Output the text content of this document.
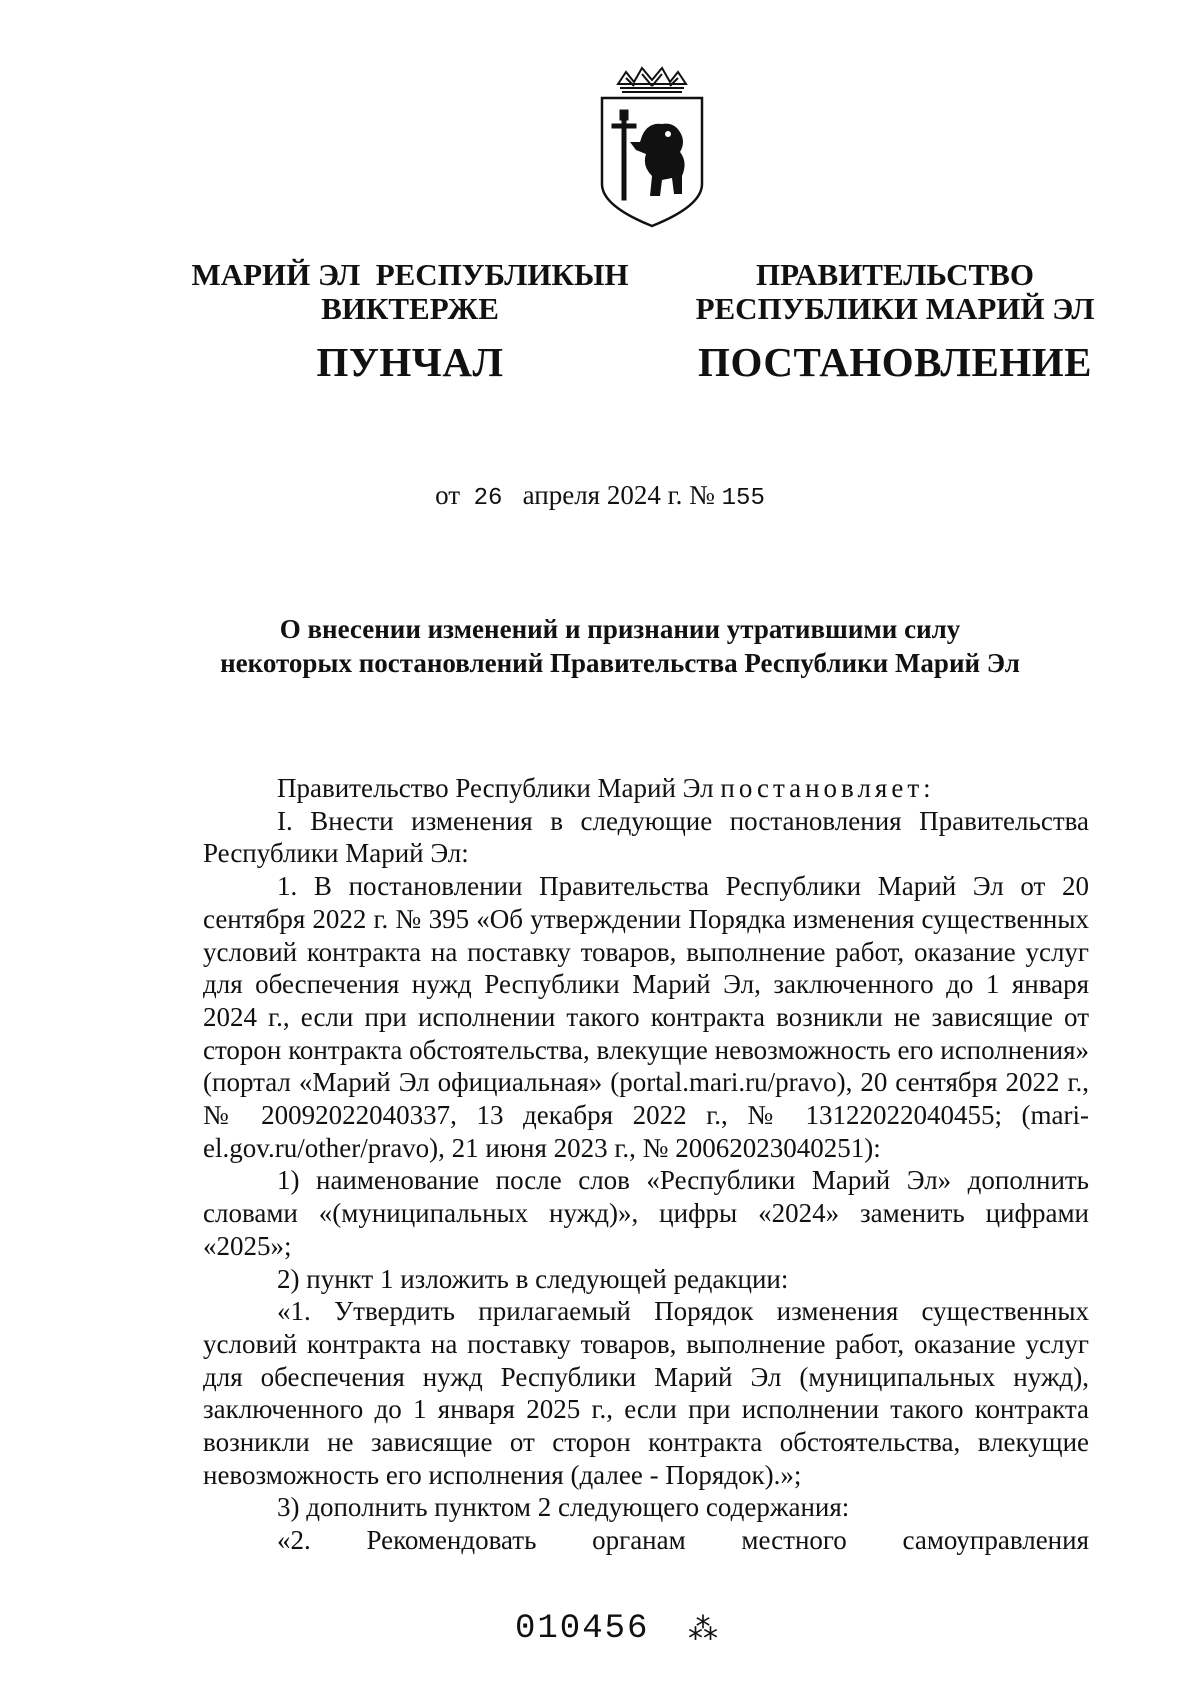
МАРИЙ ЭЛ  РЕСПУБЛИКЫН
ВИКТЕРЖЕ
ПУНЧАЛ
ПРАВИТЕЛЬСТВО
РЕСПУБЛИКИ МАРИЙ ЭЛ
ПОСТАНОВЛЕНИЕ
от 26 апреля 2024 г. № 155
О внесении изменений и признании утратившими силу
некоторых постановлений Правительства Республики Марий Эл

Правительство Республики Марий Эл постановляет:

I. Внести изменения в следующие постановления Правительства Республики Марий Эл:

1. В постановлении Правительства Республики Марий Эл от 20 сентября 2022 г. № 395 «Об утверждении Порядка изменения существенных условий контракта на поставку товаров, выполнение работ, оказание услуг для обеспечения нужд Республики Марий Эл, заключенного до 1 января 2024 г., если при исполнении такого контракта возникли не зависящие от сторон контракта обстоятельства, влекущие невозможность его исполнения» (портал «Марий Эл официальная» (portal.mari.ru/pravo), 20 сентября 2022 г., № 20092022040337, 13 декабря 2022 г., № 13122022040455; (mari-el.gov.ru/other/pravo), 21 июня 2023 г., № 20062023040251):

1) наименование после слов «Республики Марий Эл» дополнить словами «(муниципальных нужд)», цифры «2024» заменить цифрами «2025»;

2) пункт 1 изложить в следующей редакции:

«1. Утвердить прилагаемый Порядок изменения существенных условий контракта на поставку товаров, выполнение работ, оказание услуг для обеспечения нужд Республики Марий Эл (муниципальных нужд), заключенного до 1 января 2025 г., если при исполнении такого контракта возникли не зависящие от сторон контракта обстоятельства, влекущие невозможность его исполнения (далее - Порядок).»;

3) дополнить пунктом 2 следующего содержания:

«2. Рекомендовать органам местного самоуправления

010456 ⁂
